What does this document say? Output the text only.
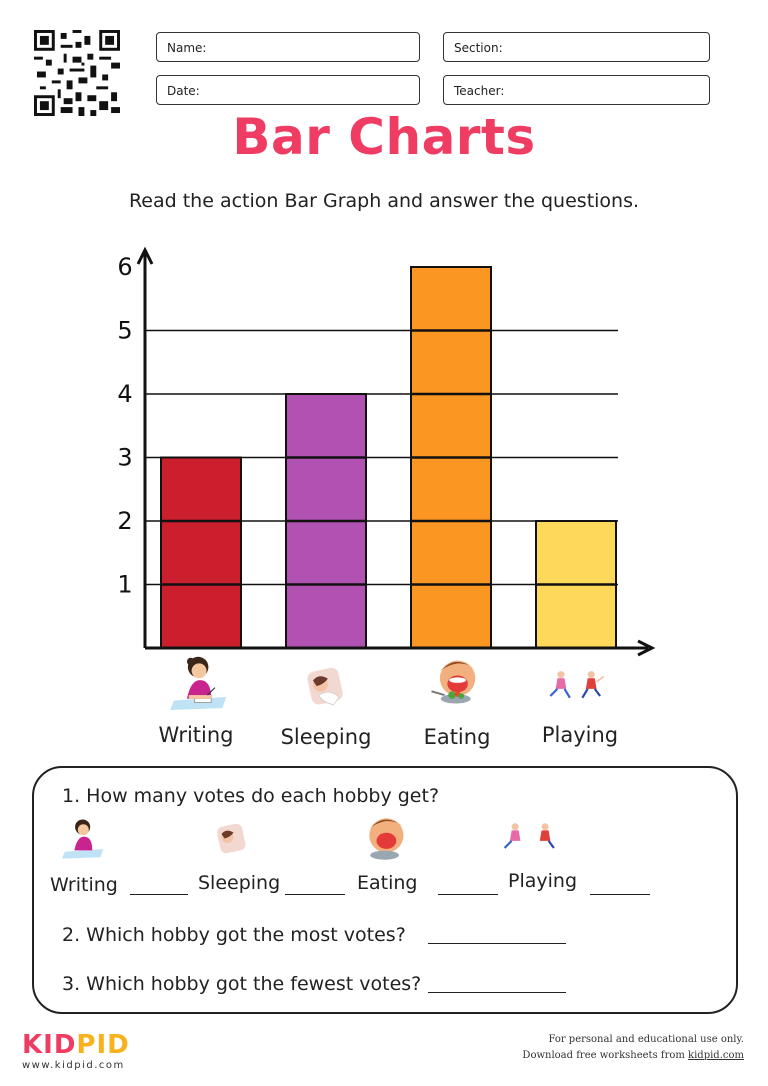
Name:	Section:
Date:	Teacher:
Bar Charts
Read the action Bar Graph and answer the questions.
1
2
3
4
5
6
Writing	Sleeping	Eating	Playing
1. How many votes do each hobby get?
Writing	Sleeping	Eating	Playing
2. Which hobby got the most votes?
3. Which hobby got the fewest votes?
KIDPID
www.kidpid.com
For personal and educational use only.
Download free worksheets from kidpid.com
